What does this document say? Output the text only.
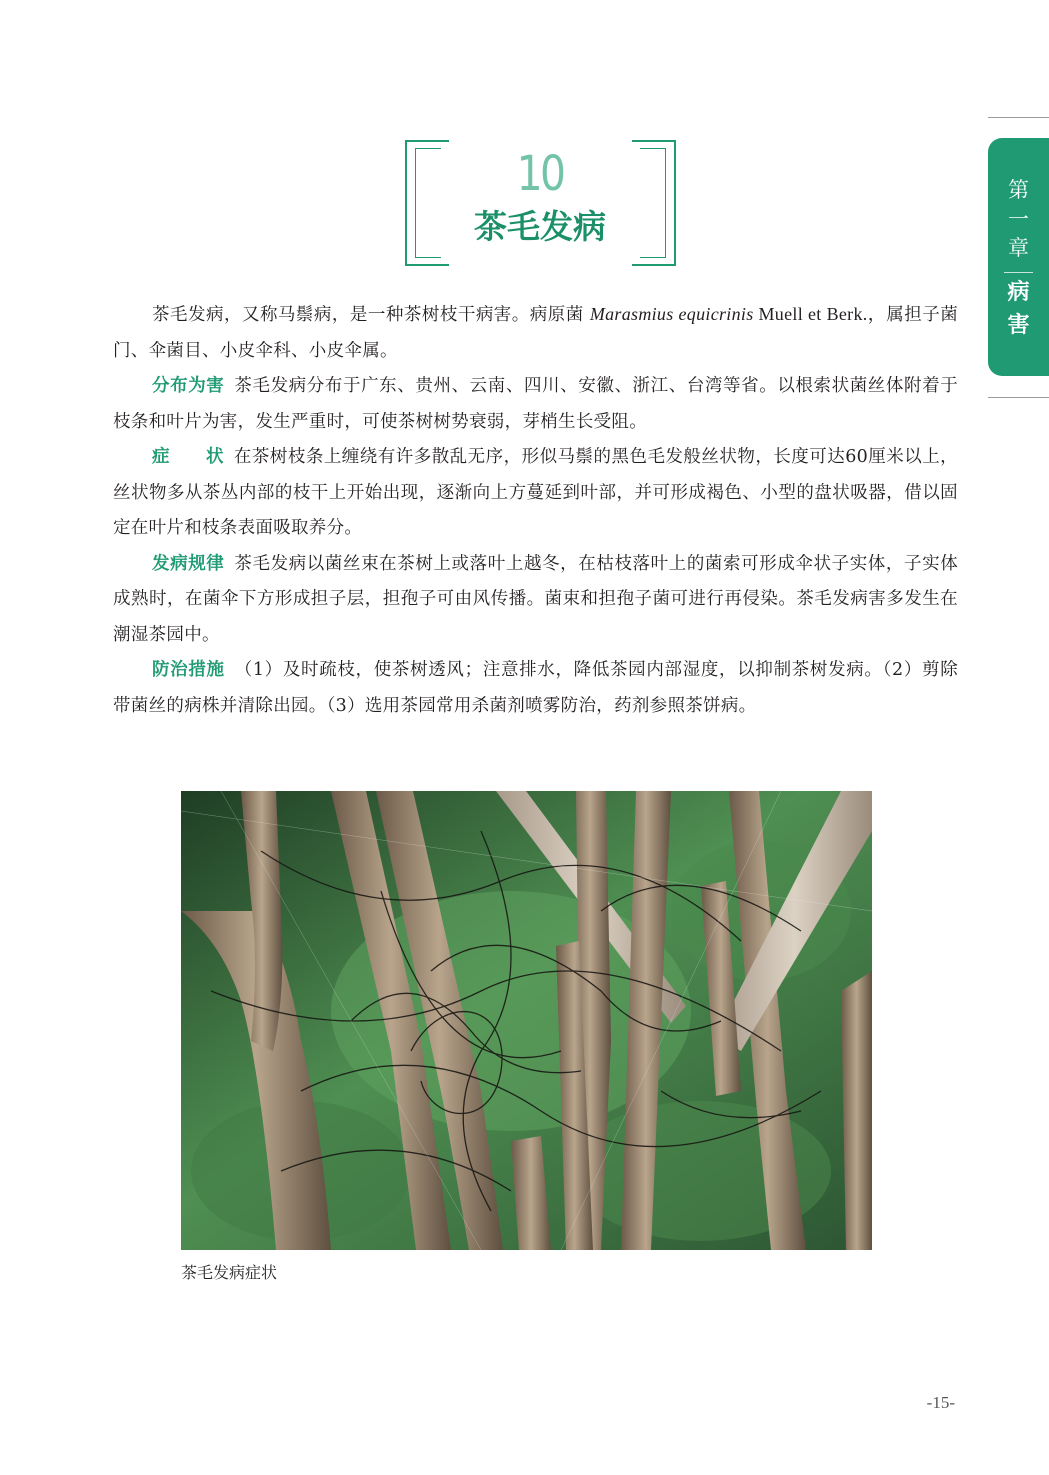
第
一
章
病
害
10
茶毛发病

茶毛发病，又称马鬃病，是一种茶树枝干病害。病原菌 Marasmius equicrinis Muell et Berk.，属担子菌门、伞菌目、小皮伞科、小皮伞属。

分布为害 茶毛发病分布于广东、贵州、云南、四川、安徽、浙江、台湾等省。以根索状菌丝体附着于枝条和叶片为害，发生严重时，可使茶树树势衰弱，芽梢生长受阻。

症　　状 在茶树枝条上缠绕有许多散乱无序，形似马鬃的黑色毛发般丝状物，长度可达60厘米以上，丝状物多从茶丛内部的枝干上开始出现，逐渐向上方蔓延到叶部，并可形成褐色、小型的盘状吸器，借以固定在叶片和枝条表面吸取养分。

发病规律 茶毛发病以菌丝束在茶树上或落叶上越冬，在枯枝落叶上的菌索可形成伞状子实体，子实体成熟时，在菌伞下方形成担子层，担孢子可由风传播。菌束和担孢子菌可进行再侵染。茶毛发病害多发生在潮湿茶园中。

防治措施 （1）及时疏枝，使茶树透风；注意排水，降低茶园内部湿度，以抑制茶树发病。（2）剪除带菌丝的病株并清除出园。（3）选用茶园常用杀菌剂喷雾防治，药剂参照茶饼病。

茶毛发病症状
-15-
